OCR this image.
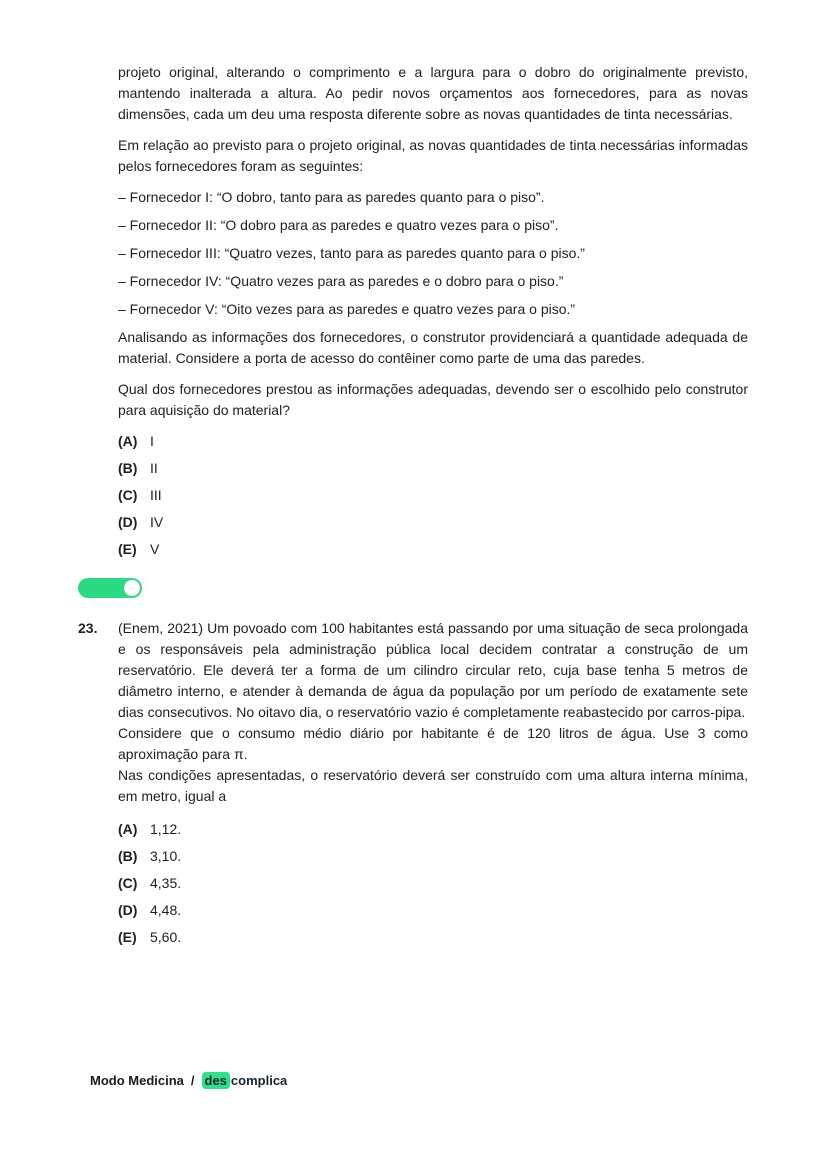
projeto original, alterando o comprimento e a largura para o dobro do originalmente previsto, mantendo inalterada a altura. Ao pedir novos orçamentos aos fornecedores, para as novas dimensões, cada um deu uma resposta diferente sobre as novas quantidades de tinta necessárias.

Em relação ao previsto para o projeto original, as novas quantidades de tinta necessárias informadas pelos fornecedores foram as seguintes:

– Fornecedor I: “O dobro, tanto para as paredes quanto para o piso”.

– Fornecedor II: “O dobro para as paredes e quatro vezes para o piso”.

– Fornecedor III: “Quatro vezes, tanto para as paredes quanto para o piso.”

– Fornecedor IV: “Quatro vezes para as paredes e o dobro para o piso.”

– Fornecedor V: “Oito vezes para as paredes e quatro vezes para o piso.”

Analisando as informações dos fornecedores, o construtor providenciará a quantidade adequada de material. Considere a porta de acesso do contêiner como parte de uma das paredes.

Qual dos fornecedores prestou as informações adequadas, devendo ser o escolhido pelo construtor para aquisição do material?

(A) I
(B) II
(C) III
(D) IV
(E) V
23. (Enem, 2021) Um povoado com 100 habitantes está passando por uma situação de seca prolongada e os responsáveis pela administração pública local decidem contratar a construção de um reservatório. Ele deverá ter a forma de um cilindro circular reto, cuja base tenha 5 metros de diâmetro interno, e atender à demanda de água da população por um período de exatamente sete dias consecutivos. No oitavo dia, o reservatório vazio é completamente reabastecido por carros-pipa.

Considere que o consumo médio diário por habitante é de 120 litros de água. Use 3 como aproximação para π.

Nas condições apresentadas, o reservatório deverá ser construído com uma altura interna mínima, em metro, igual a

(A) 1,12.
(B) 3,10.
(C) 4,35.
(D) 4,48.
(E) 5,60.
Modo Medicina / des complica
